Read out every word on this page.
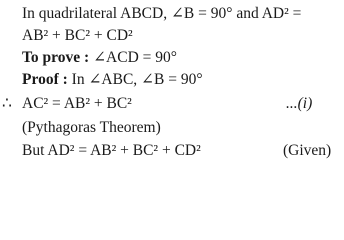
In quadrilateral ABCD, ∠B = 90° and AD² =
AB² + BC² + CD²
To prove : ∠ACD = 90°
Proof : In ∠ABC, ∠B = 90°
∴ AC² = AB² + BC²	...(i)
(Pythagoras Theorem)
But AD² = AB² + BC² + CD²	(Given)
